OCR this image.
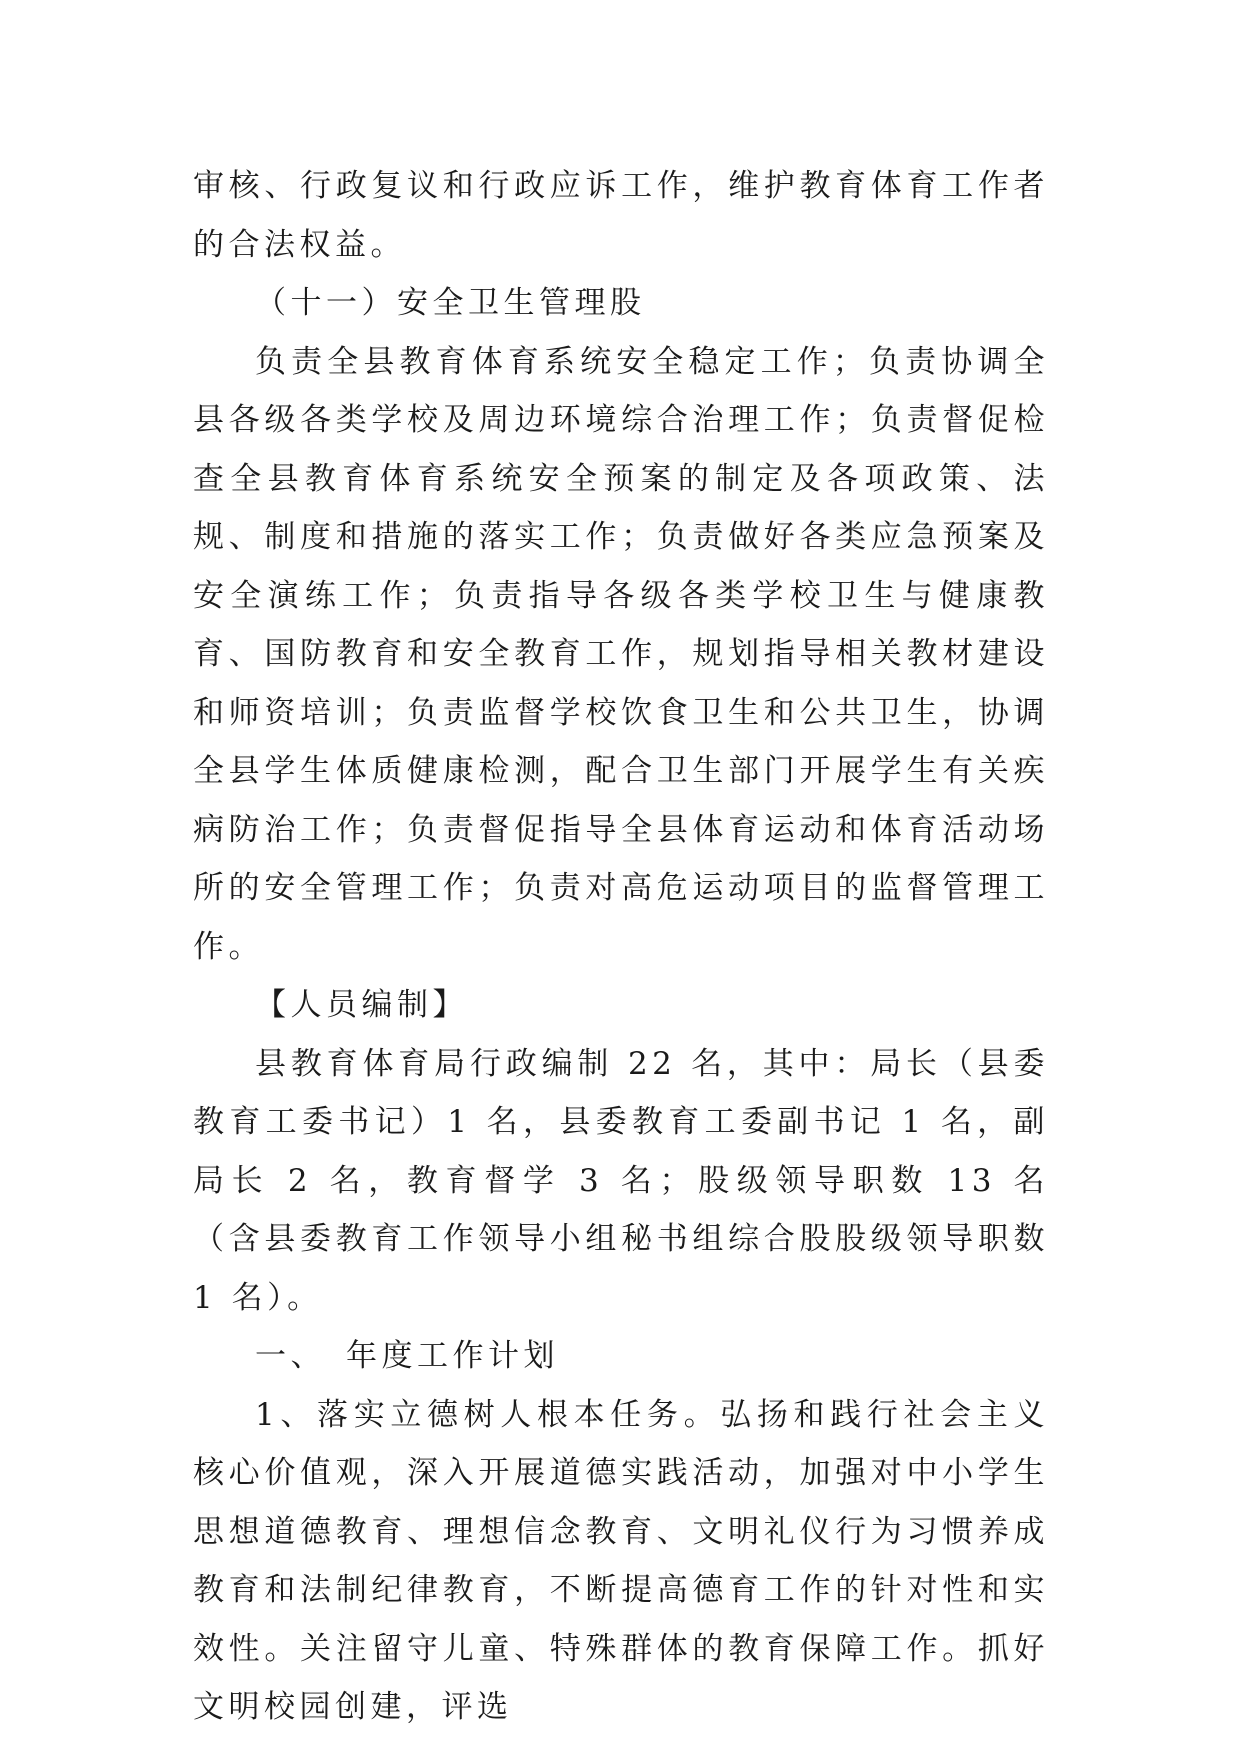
审核、行政复议和行政应诉工作，维护教育体育工作者的合法权益。

（十一）安全卫生管理股

负责全县教育体育系统安全稳定工作；负责协调全县各级各类学校及周边环境综合治理工作；负责督促检查全县教育体育系统安全预案的制定及各项政策、法规、制度和措施的落实工作；负责做好各类应急预案及安全演练工作；负责指导各级各类学校卫生与健康教育、国防教育和安全教育工作，规划指导相关教材建设和师资培训；负责监督学校饮食卫生和公共卫生，协调全县学生体质健康检测，配合卫生部门开展学生有关疾病防治工作；负责督促指导全县体育运动和体育活动场所的安全管理工作；负责对高危运动项目的监督管理工作。

【人员编制】

县教育体育局行政编制 22 名，其中：局长（县委教育工委书记）1 名，县委教育工委副书记 1 名，副局长 2 名，教育督学 3 名；股级领导职数 13 名（含县委教育工作领导小组秘书组综合股股级领导职数 1 名）。

一、　年度工作计划

1、落实立德树人根本任务。弘扬和践行社会主义核心价值观，深入开展道德实践活动，加强对中小学生思想道德教育、理想信念教育、文明礼仪行为习惯养成教育和法制纪律教育，不断提高德育工作的针对性和实效性。关注留守儿童、特殊群体的教育保障工作。抓好文明校园创建，评选
